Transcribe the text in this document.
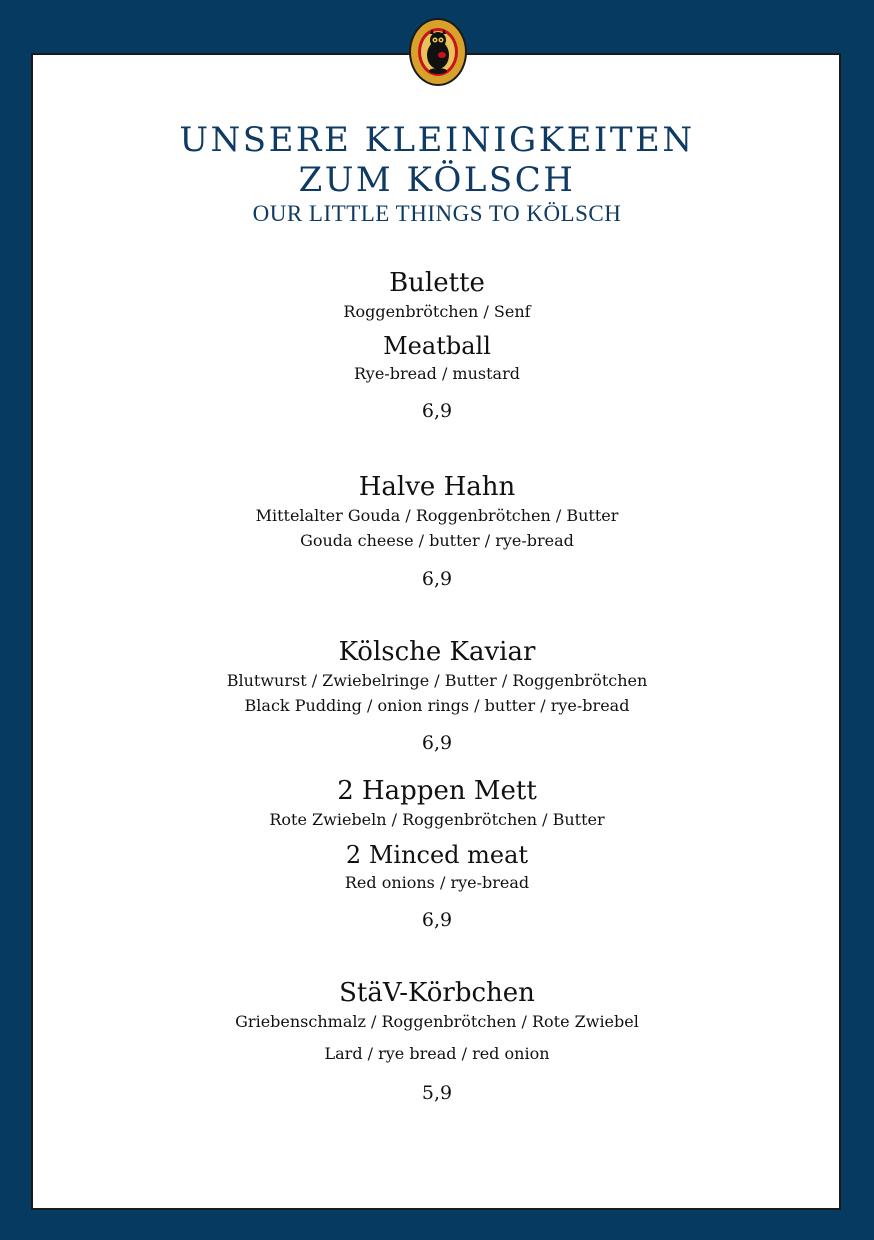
UNSERE KLEINIGKEITEN

ZUM KÖLSCH

OUR LITTLE THINGS TO KÖLSCH

Bulette

Roggenbrötchen / Senf

Meatball

Rye-bread / mustard

6,9

Halve Hahn

Mittelalter Gouda / Roggenbrötchen / Butter

Gouda cheese / butter / rye-bread

6,9

Kölsche Kaviar

Blutwurst / Zwiebelringe / Butter / Roggenbrötchen

Black Pudding / onion rings / butter / rye-bread

6,9

2 Happen Mett

Rote Zwiebeln / Roggenbrötchen / Butter

2 Minced meat

Red onions / rye-bread

6,9

StäV-Körbchen

Griebenschmalz / Roggenbrötchen / Rote Zwiebel

Lard / rye bread / red onion

5,9
